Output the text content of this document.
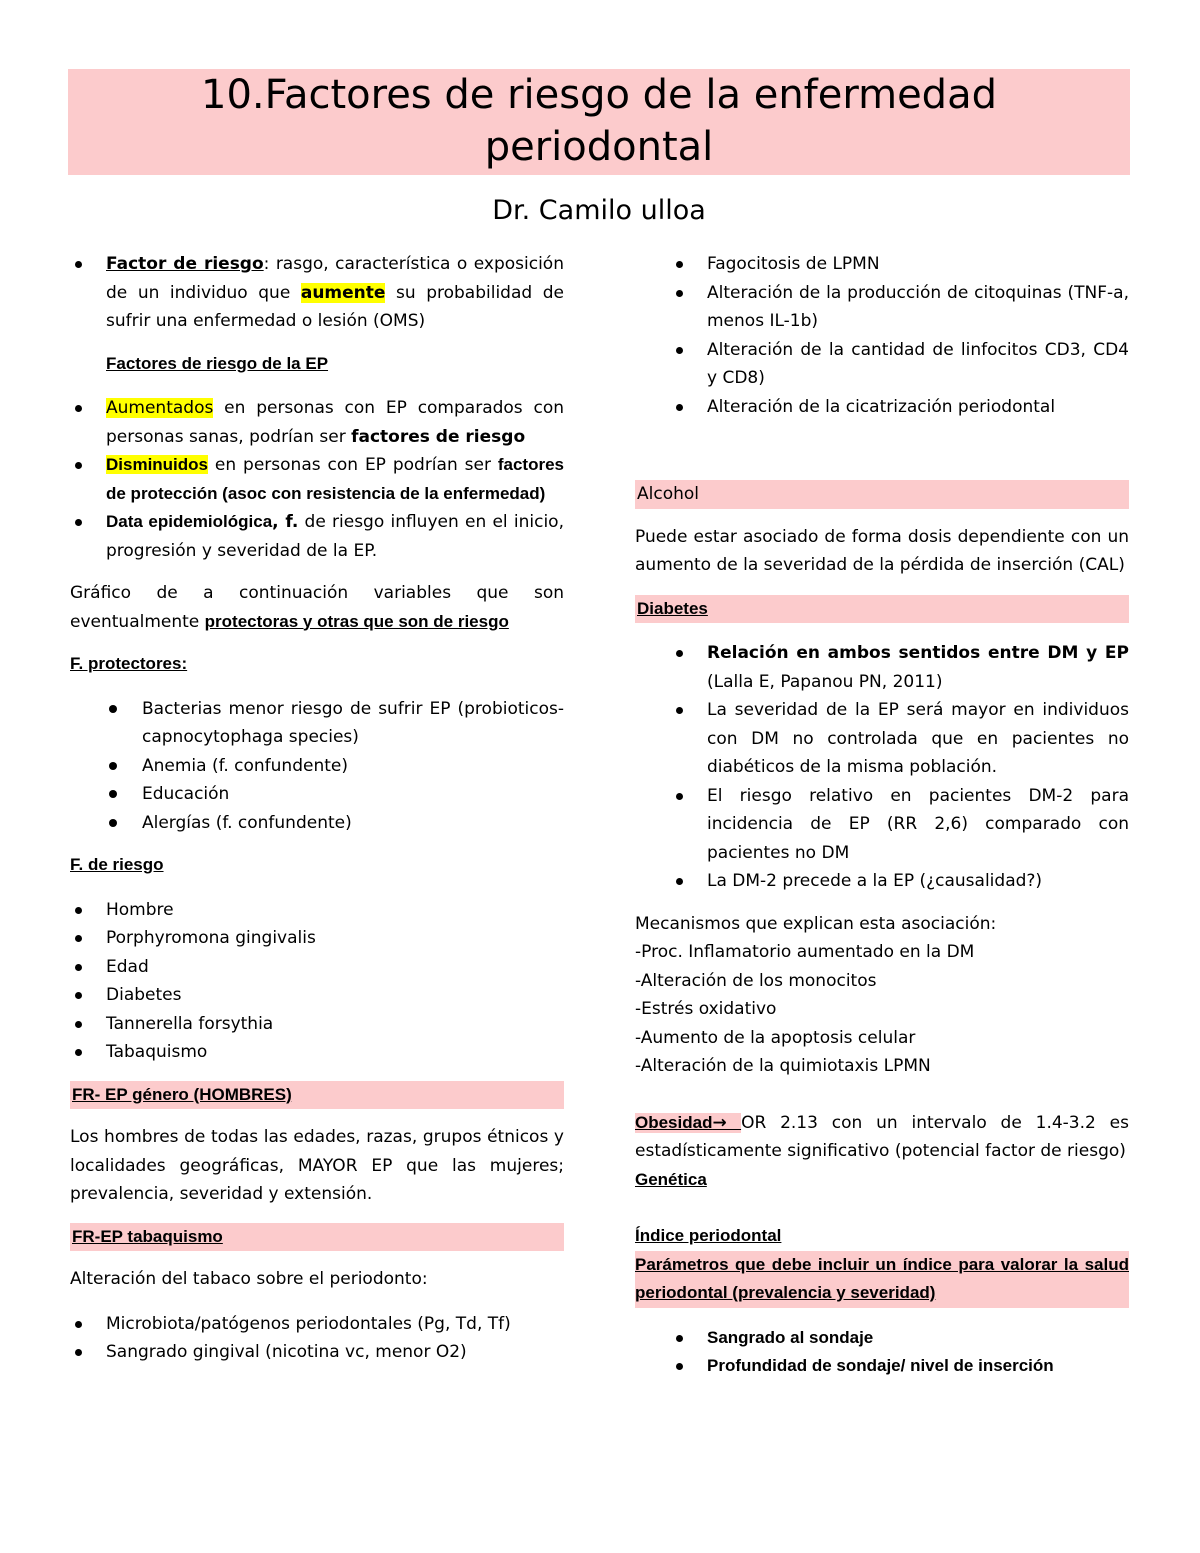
10.Factores de riesgo de la enfermedad

periodontal

Dr. Camilo ulloa
Factor de riesgo: rasgo, característica o exposición de un individuo que aumente su probabilidad de sufrir una enfermedad o lesión (OMS)

Factores de riesgo de la EP

Aumentados en personas con EP comparados con personas sanas, podrían ser factores de riesgo
Disminuidos en personas con EP podrían ser factores de protección (asoc con resistencia de la enfermedad)
Data epidemiológica, f. de riesgo influyen en el inicio, progresión y severidad de la EP.

Gráfico de a continuación variables que son eventualmente protectoras y otras que son de riesgo

F. protectores:

Bacterias menor riesgo de sufrir EP (probioticos-capnocytophaga species)
Anemia (f. confundente)
Educación
Alergías (f. confundente)

F. de riesgo

Hombre
Porphyromona gingivalis
Edad
Diabetes
Tannerella forsythia
Tabaquismo

FR- EP género (HOMBRES)

Los hombres de todas las edades, razas, grupos étnicos y localidades geográficas, MAYOR EP que las mujeres; prevalencia, severidad y extensión.

FR-EP tabaquismo

Alteración del tabaco sobre el periodonto:

Microbiota/patógenos periodontales (Pg, Td, Tf)
Sangrado gingival (nicotina vc, menor O2)
Fagocitosis de LPMN
Alteración de la producción de citoquinas (TNF-a, menos IL-1b)
Alteración de la cantidad de linfocitos CD3, CD4 y CD8)
Alteración de la cicatrización periodontal

Alcohol

Puede estar asociado de forma dosis dependiente con un aumento de la severidad de la pérdida de inserción (CAL)

Diabetes

Relación en ambos sentidos entre DM y EP (Lalla E, Papanou PN, 2011)
La severidad de la EP será mayor en individuos con DM no controlada que en pacientes no diabéticos de la misma población.
El riesgo relativo en pacientes DM-2 para incidencia de EP (RR 2,6) comparado con pacientes no DM
La DM-2 precede a la EP (¿causalidad?)

Mecanismos que explican esta asociación:

-Proc. Inflamatorio aumentado en la DM

-Alteración de los monocitos

-Estrés oxidativo

-Aumento de la apoptosis celular

-Alteración de la quimiotaxis LPMN

Obesidad→ OR 2.13 con un intervalo de 1.4-3.2 es estadísticamente significativo (potencial factor de riesgo)

Genética

Índice periodontal

Parámetros que debe incluir un índice para valorar la salud periodontal (prevalencia y severidad)

Sangrado al sondaje
Profundidad de sondaje/ nivel de inserción
